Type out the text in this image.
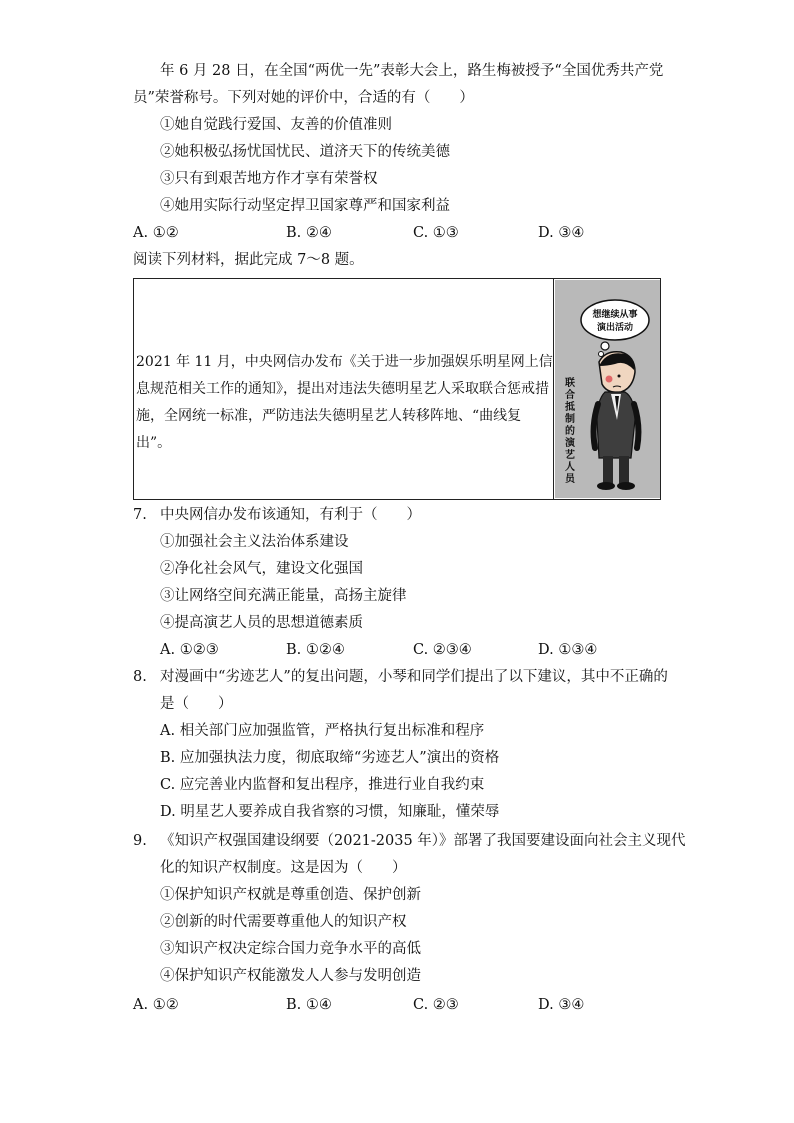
年 6 月 28 日，在全国“两优一先”表彰大会上，路生梅被授予“全国优秀共产党
员”荣誉称号。下列对她的评价中，合适的有（　　）
①她自觉践行爱国、友善的价值准则
②她积极弘扬忧国忧民、道济天下的传统美德
③只有到艰苦地方作才享有荣誉权
④她用实际行动坚定捍卫国家尊严和国家利益
A. ①②	B. ②④	C. ①③	D. ③④
阅读下列材料，据此完成 7～8 题。
2021 年 11 月，中央网信办发布《关于进一步加强娱乐明星网上信息规范相关工作的通知》，提出对违法失德明星艺人采取联合惩戒措施，全网统一标准，严防违法失德明星艺人转移阵地、“曲线复出”。
想继续从事
演出活动
联合抵制的演艺人员
7. 中央网信办发布该通知，有利于（　　）
①加强社会主义法治体系建设
②净化社会风气，建设文化强国
③让网络空间充满正能量，高扬主旋律
④提高演艺人员的思想道德素质
A. ①②③	B. ①②④	C. ②③④	D. ①③④
8. 对漫画中“劣迹艺人”的复出问题，小琴和同学们提出了以下建议，其中不正确的
是（　　）
A. 相关部门应加强监管，严格执行复出标准和程序
B. 应加强执法力度，彻底取缔“劣迹艺人”演出的资格
C. 应完善业内监督和复出程序，推进行业自我约束
D. 明星艺人要养成自我省察的习惯，知廉耻，懂荣辱
9. 《知识产权强国建设纲要（2021-2035 年）》部署了我国要建设面向社会主义现代
化的知识产权制度。这是因为（　　）
①保护知识产权就是尊重创造、保护创新
②创新的时代需要尊重他人的知识产权
③知识产权决定综合国力竞争水平的高低
④保护知识产权能激发人人参与发明创造
A. ①②	B. ①④	C. ②③	D. ③④
